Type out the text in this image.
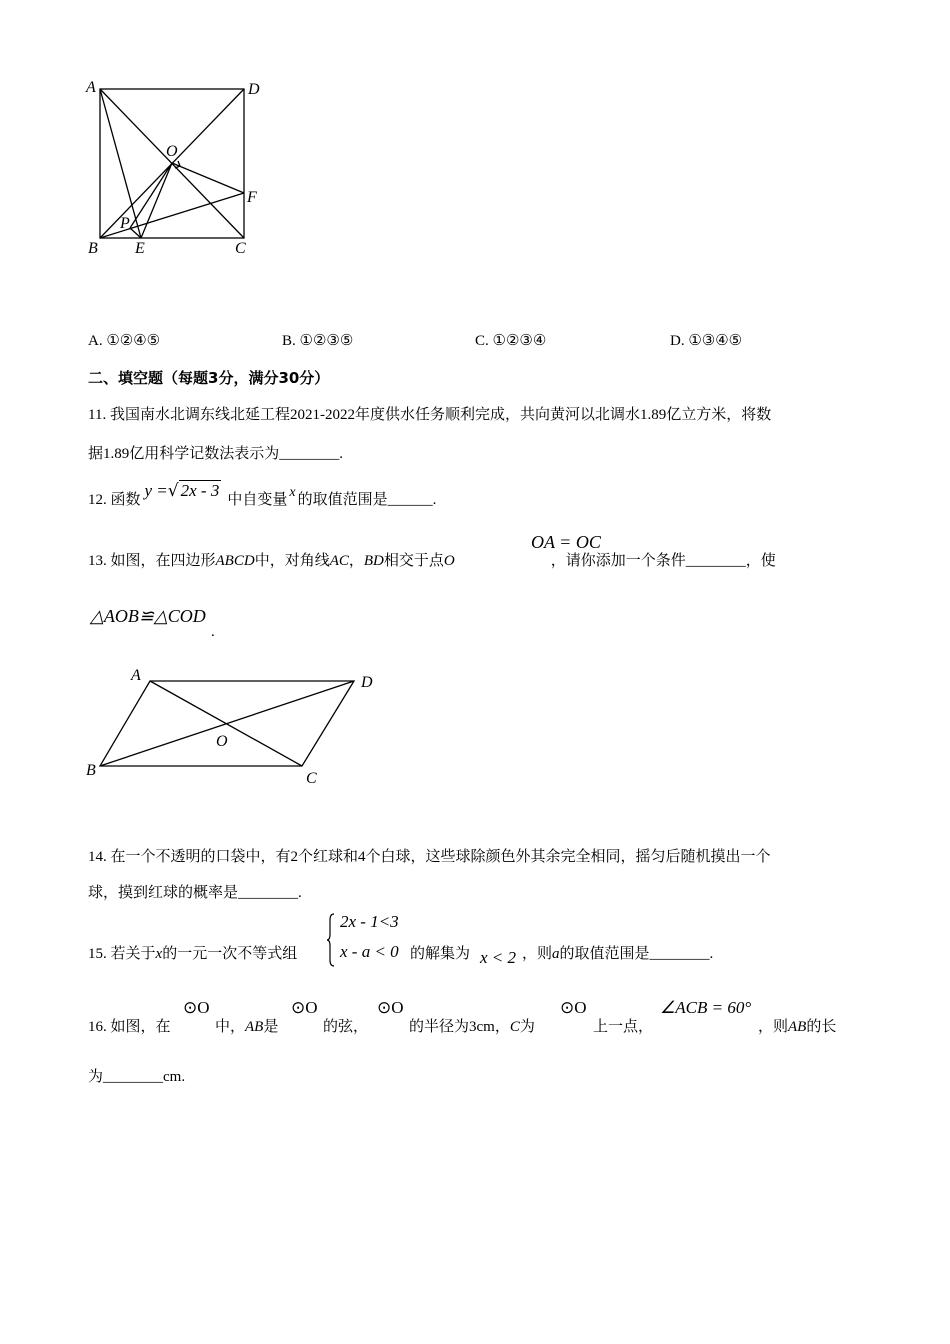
A	D
O
F
P
B E	C
A. ①②④⑤	B. ①②③⑤	C. ①②③④	D. ①③④⑤
二、填空题（每题3分，满分30分）
11. 我国南水北调东线北延工程2021-2022年度供水任务顺利完成，共向黄河以北调水1.89亿立方米，将数
据1.89亿用科学记数法表示为________.
12. 函数 y =√ 2x - 3 中自变量 x 的取值范围是______.
OA = OC
13. 如图，在四边形ABCD中，对角线AC，BD相交于点O	，请你添加一个条件________，使
△AOB≌△COD
.
A	D
O
B	C
14. 在一个不透明的口袋中，有2个红球和4个白球，这些球除颜色外其余完全相同，摇匀后随机摸出一个
球，摸到红球的概率是________.
15. 若关于x的一元一次不等式组
2x - 1<3
x - a < 0 的解集为 x < 2 ，则a的取值范围是________.
⊙O	⊙O	⊙O	⊙O	∠ACB = 60°
16. 如图，在	中，AB是	的弦，	的半径为3cm，C为	上一点，	，则AB的长
为________cm.
